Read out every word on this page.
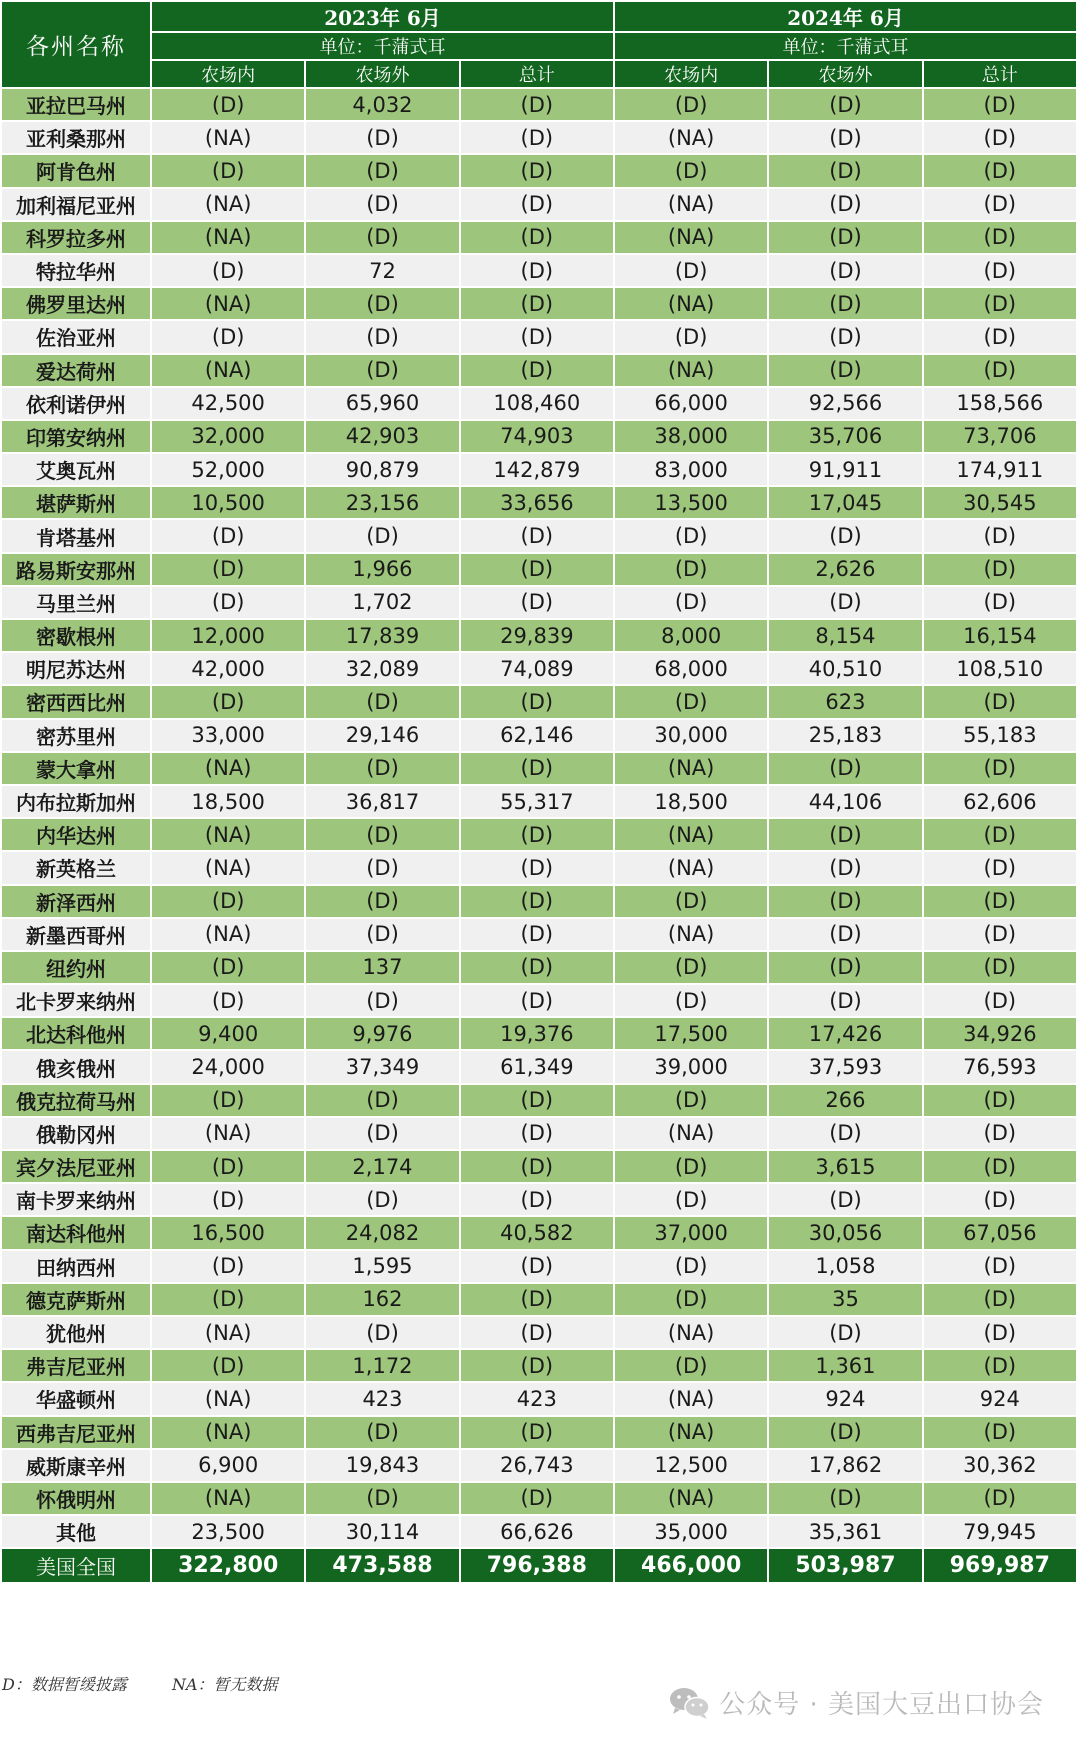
各州名称	2023年 6月			2024年 6月		
	单位：千蒲式耳			单位：千蒲式耳		
	农场内	农场外	总计	农场内	农场外	总计
亚拉巴马州	(D)	4,032	(D)	(D)	(D)	(D)
亚利桑那州	(NA)	(D)	(D)	(NA)	(D)	(D)
阿肯色州	(D)	(D)	(D)	(D)	(D)	(D)
加利福尼亚州	(NA)	(D)	(D)	(NA)	(D)	(D)
科罗拉多州	(NA)	(D)	(D)	(NA)	(D)	(D)
特拉华州	(D)	72	(D)	(D)	(D)	(D)
佛罗里达州	(NA)	(D)	(D)	(NA)	(D)	(D)
佐治亚州	(D)	(D)	(D)	(D)	(D)	(D)
爱达荷州	(NA)	(D)	(D)	(NA)	(D)	(D)
依利诺伊州	42,500	65,960	108,460	66,000	92,566	158,566
印第安纳州	32,000	42,903	74,903	38,000	35,706	73,706
艾奥瓦州	52,000	90,879	142,879	83,000	91,911	174,911
堪萨斯州	10,500	23,156	33,656	13,500	17,045	30,545
肯塔基州	(D)	(D)	(D)	(D)	(D)	(D)
路易斯安那州	(D)	1,966	(D)	(D)	2,626	(D)
马里兰州	(D)	1,702	(D)	(D)	(D)	(D)
密歇根州	12,000	17,839	29,839	8,000	8,154	16,154
明尼苏达州	42,000	32,089	74,089	68,000	40,510	108,510
密西西比州	(D)	(D)	(D)	(D)	623	(D)
密苏里州	33,000	29,146	62,146	30,000	25,183	55,183
蒙大拿州	(NA)	(D)	(D)	(NA)	(D)	(D)
内布拉斯加州	18,500	36,817	55,317	18,500	44,106	62,606
内华达州	(NA)	(D)	(D)	(NA)	(D)	(D)
新英格兰	(NA)	(D)	(D)	(NA)	(D)	(D)
新泽西州	(D)	(D)	(D)	(D)	(D)	(D)
新墨西哥州	(NA)	(D)	(D)	(NA)	(D)	(D)
纽约州	(D)	137	(D)	(D)	(D)	(D)
北卡罗来纳州	(D)	(D)	(D)	(D)	(D)	(D)
北达科他州	9,400	9,976	19,376	17,500	17,426	34,926
俄亥俄州	24,000	37,349	61,349	39,000	37,593	76,593
俄克拉荷马州	(D)	(D)	(D)	(D)	266	(D)
俄勒冈州	(NA)	(D)	(D)	(NA)	(D)	(D)
宾夕法尼亚州	(D)	2,174	(D)	(D)	3,615	(D)
南卡罗来纳州	(D)	(D)	(D)	(D)	(D)	(D)
南达科他州	16,500	24,082	40,582	37,000	30,056	67,056
田纳西州	(D)	1,595	(D)	(D)	1,058	(D)
德克萨斯州	(D)	162	(D)	(D)	35	(D)
犹他州	(NA)	(D)	(D)	(NA)	(D)	(D)
弗吉尼亚州	(D)	1,172	(D)	(D)	1,361	(D)
华盛顿州	(NA)	423	423	(NA)	924	924
西弗吉尼亚州	(NA)	(D)	(D)	(NA)	(D)	(D)
威斯康辛州	6,900	19,843	26,743	12,500	17,862	30,362
怀俄明州	(NA)	(D)	(D)	(NA)	(D)	(D)
其他	23,500	30,114	66,626	35,000	35,361	79,945
美国全国	322,800	473,588	796,388	466,000	503,987	969,987
D：数据暂缓披露	NA：暂无数据
公众号 · 美国大豆出口协会
